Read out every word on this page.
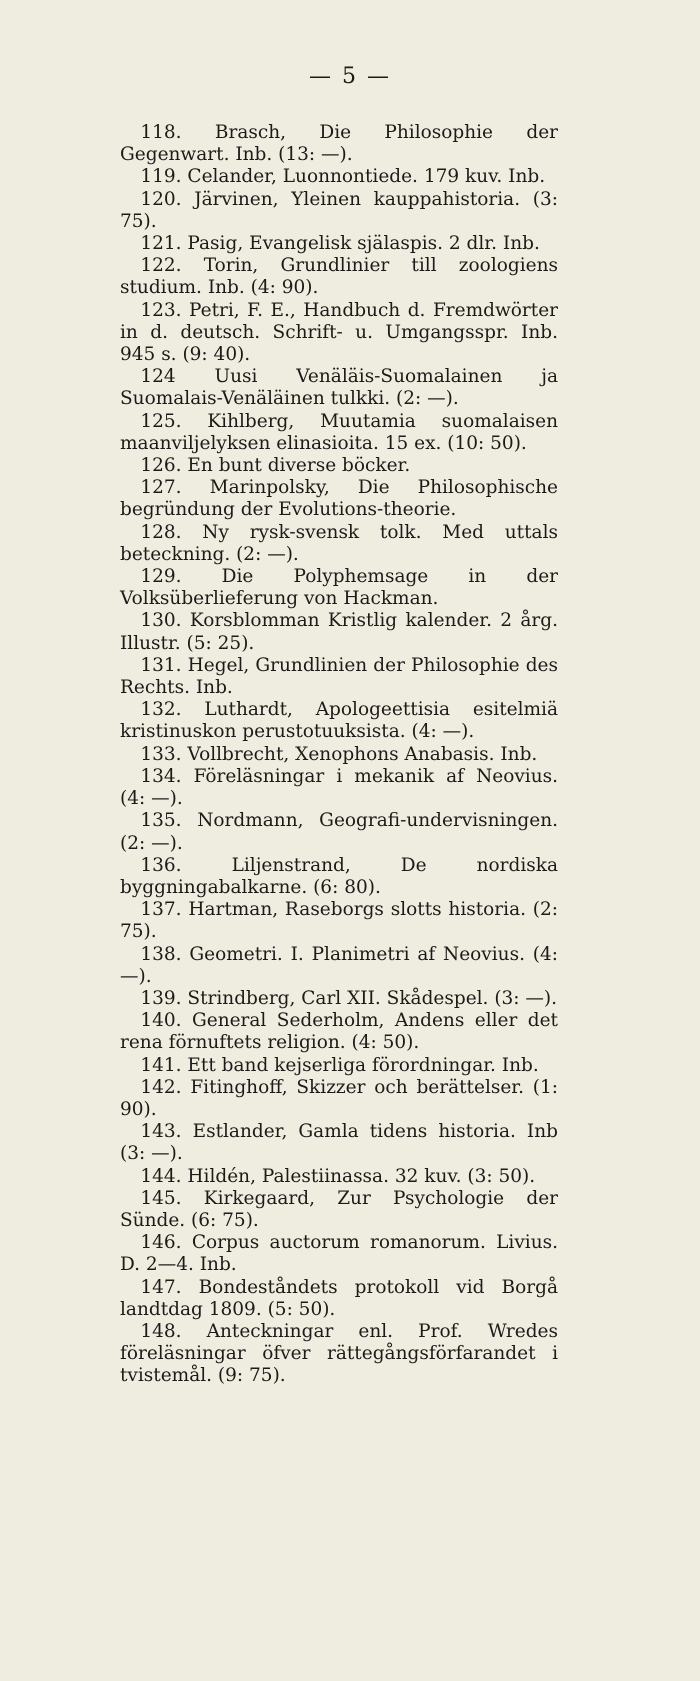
— 5 —

118. Brasch, Die Philosophie der Gegenwart. Inb. (13: —).

119. Celander, Luonnontiede. 179 kuv. Inb.

120. Järvinen, Yleinen kauppahistoria. (3: 75).

121. Pasig, Evangelisk själaspis. 2 dlr. Inb.

122. Torin, Grundlinier till zoologiens studium. Inb. (4: 90).

123. Petri, F. E., Handbuch d. Fremdwörter in d. deutsch. Schrift- u. Umgangsspr. Inb. 945 s. (9: 40).

124 Uusi Venäläis-Suomalainen ja Suomalais-Venäläinen tulkki. (2: —).

125. Kihlberg, Muutamia suomalaisen maanviljelyksen elinasioita. 15 ex. (10: 50).

126. En bunt diverse böcker.

127. Marinpolsky, Die Philosophische begründung der Evolutions-theorie.

128. Ny rysk-svensk tolk. Med uttals beteckning. (2: —).

129. Die Polyphemsage in der Volksüberlieferung von Hackman.

130. Korsblomman Kristlig kalender. 2 årg. Illustr. (5: 25).

131. Hegel, Grundlinien der Philosophie des Rechts. Inb.

132. Luthardt, Apologeettisia esitelmiä kristinuskon perustotuuksista. (4: —).

133. Vollbrecht, Xenophons Anabasis. Inb.

134. Föreläsningar i mekanik af Neovius. (4: —).

135. Nordmann, Geografi-undervisningen. (2: —).

136. Liljenstrand, De nordiska byggningabalkarne. (6: 80).

137. Hartman, Raseborgs slotts historia. (2: 75).

138. Geometri. I. Planimetri af Neovius. (4: —).

139. Strindberg, Carl XII. Skådespel. (3: —).

140. General Sederholm, Andens eller det rena förnuftets religion. (4: 50).

141. Ett band kejserliga förordningar. Inb.

142. Fitinghoff, Skizzer och berättelser. (1: 90).

143. Estlander, Gamla tidens historia. Inb (3: —).

144. Hildén, Palestiinassa. 32 kuv. (3: 50).

145. Kirkegaard, Zur Psychologie der Sünde. (6: 75).

146. Corpus auctorum romanorum. Livius. D. 2—4. Inb.

147. Bondeståndets protokoll vid Borgå landtdag 1809. (5: 50).

148. Anteckningar enl. Prof. Wredes föreläsningar öfver rättegångsförfarandet i tvistemål. (9: 75).
